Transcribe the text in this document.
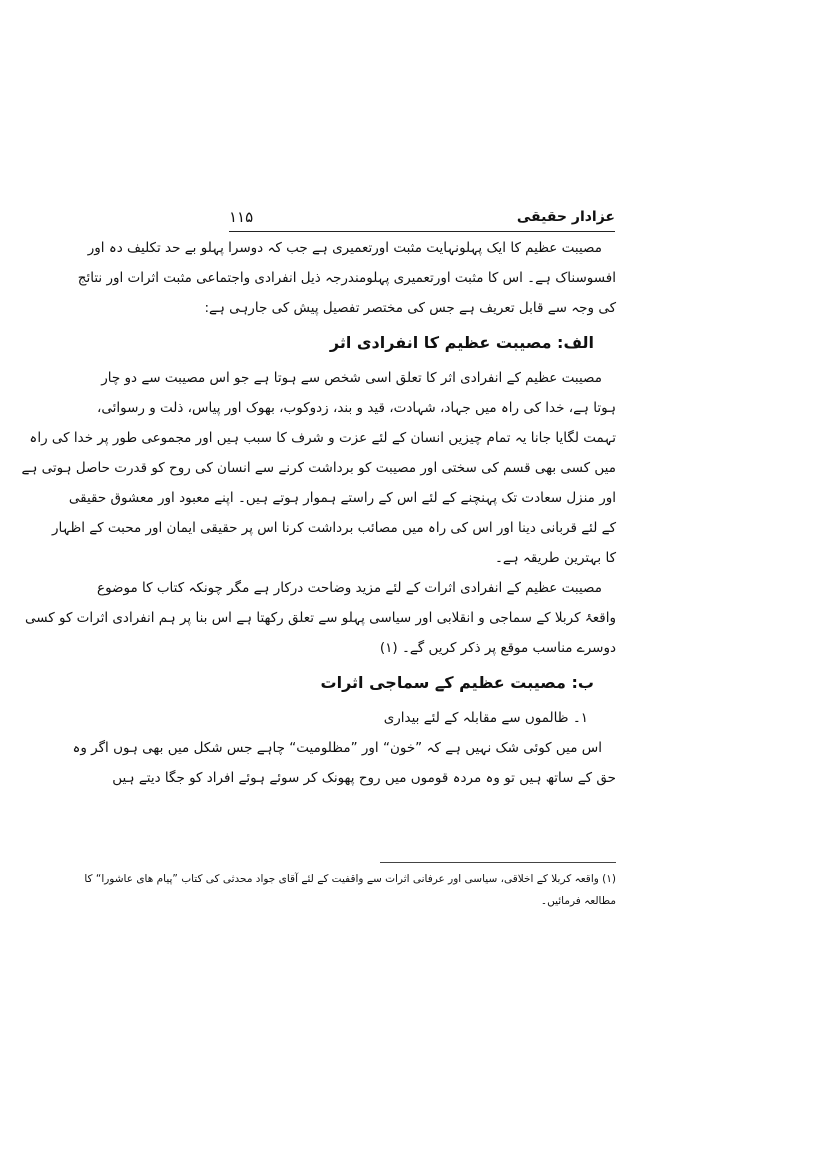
۱۱۵	عزادار حقیقی
مصیبت عظیم کا ایک پہلونہایت مثبت اورتعمیری ہے جب کہ دوسرا پہلو بے حد تکلیف دہ اور
افسوسناک ہے۔ اس کا مثبت اورتعمیری پہلومندرجہ ذیل انفرادی واجتماعی مثبت اثرات اور نتائج
کی وجہ سے قابل تعریف ہے جس کی مختصر تفصیل پیش کی جارہی ہے:
الف: مصیبت عظیم کا انفرادی اثر
مصیبت عظیم کے انفرادی اثر کا تعلق اسی شخص سے ہوتا ہے جو اس مصیبت سے دو چار
ہوتا ہے، خدا کی راہ میں جہاد، شہادت، قید و بند، زدوکوب، بھوک اور پیاس، ذلت و رسوائی،
تہمت لگایا جانا یہ تمام چیزیں انسان کے لئے عزت و شرف کا سبب ہیں اور مجموعی طور پر خدا کی راہ
میں کسی بھی قسم کی سختی اور مصیبت کو برداشت کرنے سے انسان کی روح کو قدرت حاصل ہوتی ہے
اور منزل سعادت تک پہنچنے کے لئے اس کے راستے ہموار ہوتے ہیں۔ اپنے معبود اور معشوق حقیقی
کے لئے قربانی دینا اور اس کی راہ میں مصائب برداشت کرنا اس پر حقیقی ایمان اور محبت کے اظہار
کا بہترین طریقہ ہے۔
مصیبت عظیم کے انفرادی اثرات کے لئے مزید وضاحت درکار ہے مگر چونکہ کتاب کا موضوع
واقعۂ کربلا کے سماجی و انقلابی اور سیاسی پہلو سے تعلق رکھتا ہے اس بنا پر ہم انفرادی اثرات کو کسی
دوسرے مناسب موقع پر ذکر کریں گے۔ (۱)
ب: مصیبت عظیم کے سماجی اثرات
۱۔ ظالموں سے مقابلہ کے لئے بیداری
اس میں کوئی شک نہیں ہے کہ ”خون“ اور ”مظلومیت“ چاہے جس شکل میں بھی ہوں اگر وہ
حق کے ساتھ ہیں تو وہ مردہ قوموں میں روح پھونک کر سوئے ہوئے افراد کو جگا دیتے ہیں
(۱) واقعہ کربلا کے اخلاقی، سیاسی اور عرفانی اثرات سے واقفیت کے لئے آقای جواد محدثی کی کتاب ”پیام ھای عاشورا“ کا
مطالعہ فرمائیں۔
